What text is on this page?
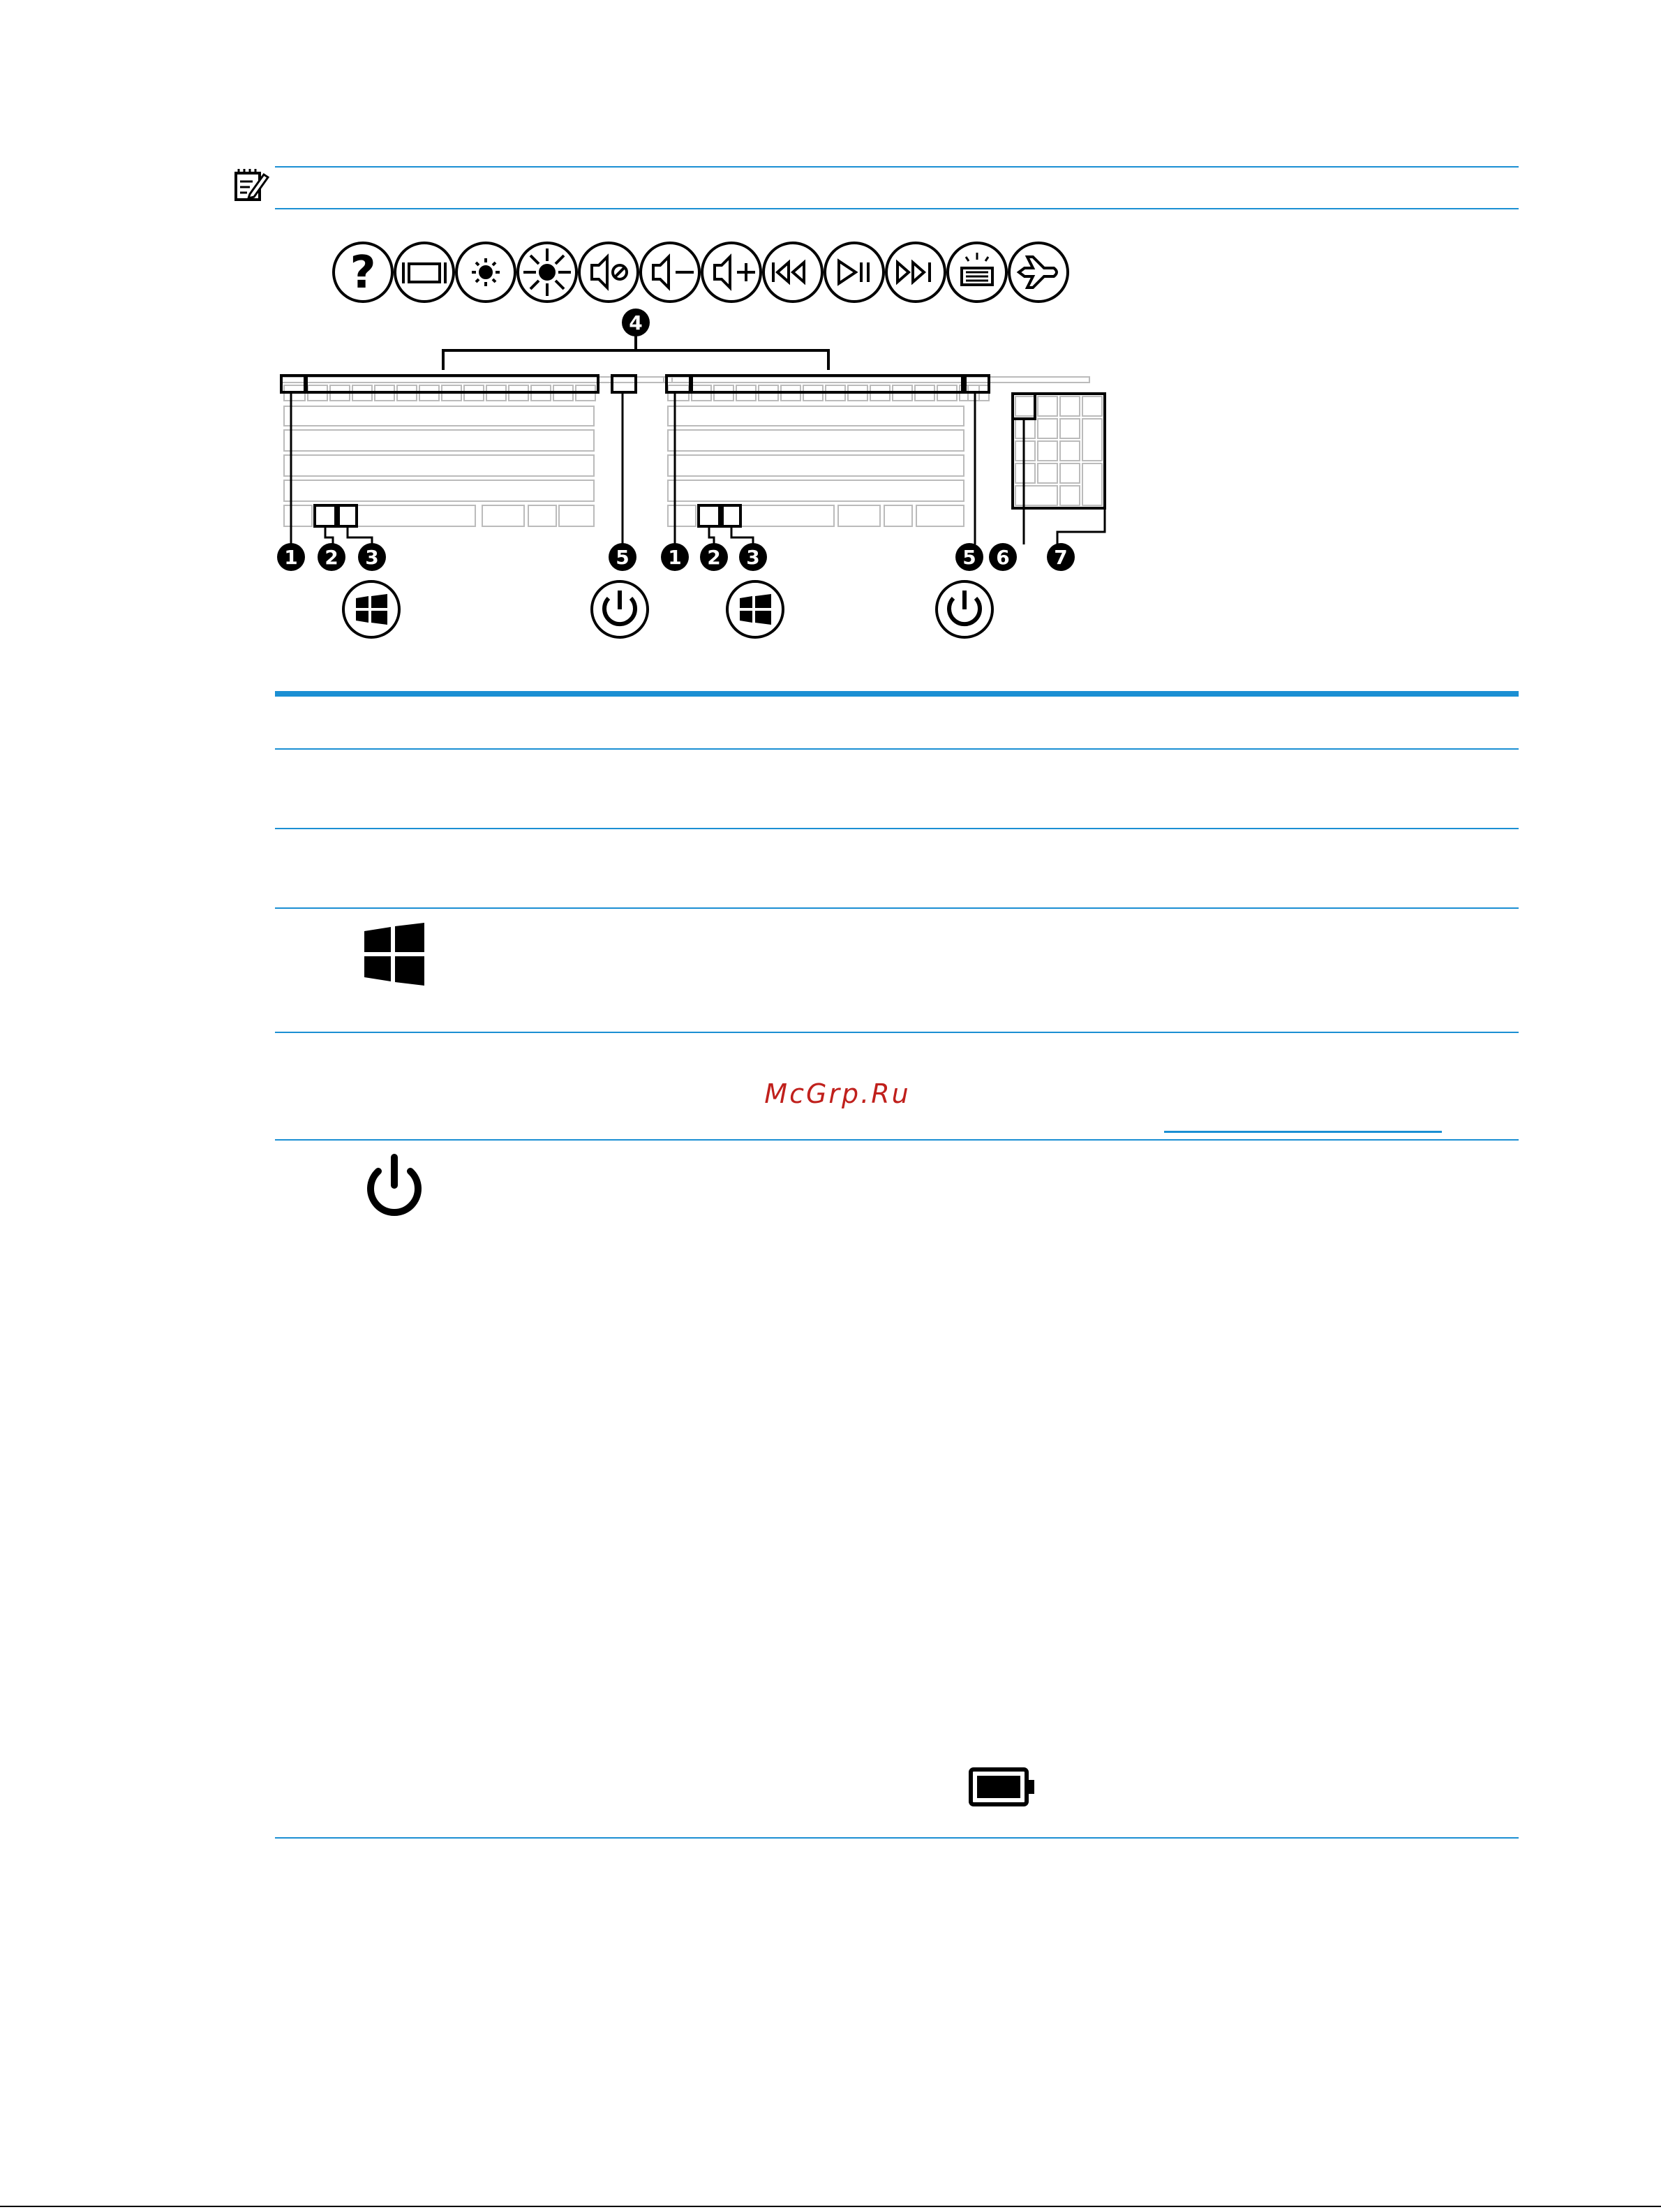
?
4
1 2 3	5 1 2 3	5 6 7
McGrp.Ru
